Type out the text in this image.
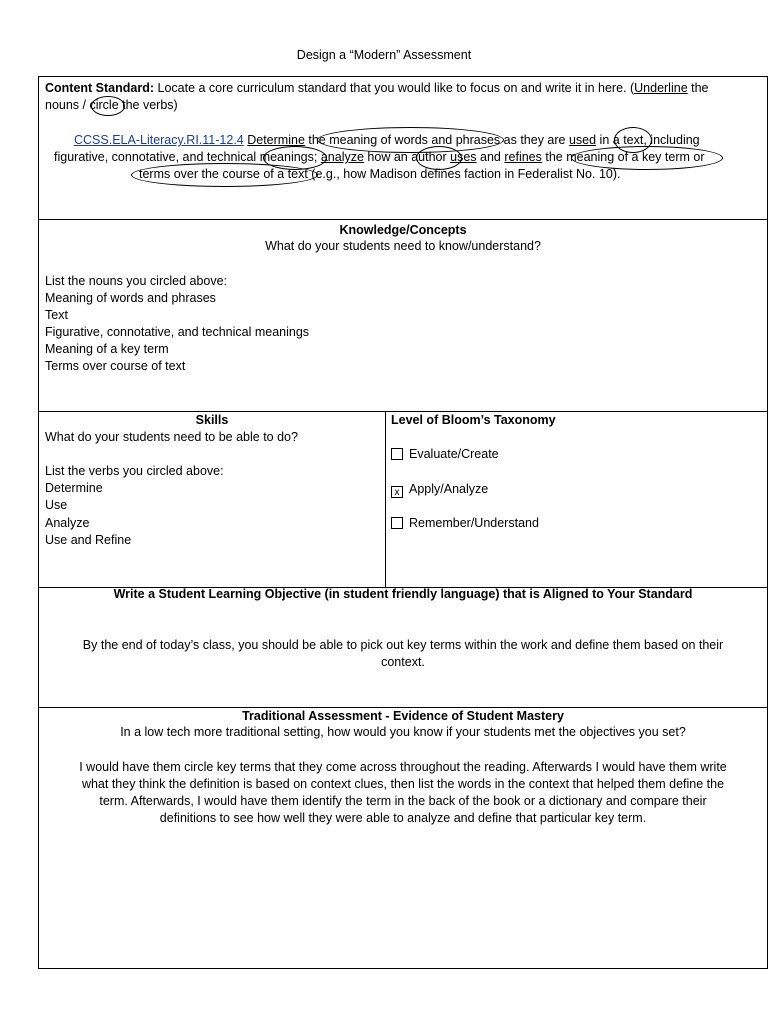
Design a “Modern” Assessment
Content Standard: Locate a core curriculum standard that you would like to focus on and write it in here. (Underline the
nouns / circle the verbs)
CCSS.ELA-Literacy.RI.11-12.4 Determine the meaning of words and phrases as they are used in a text, including
figurative, connotative, and technical meanings; analyze how an author uses and refines the meaning of a key term or
terms over the course of a text (e.g., how Madison defines faction in Federalist No. 10).
Knowledge/Concepts
What do your students need to know/understand?
List the nouns you circled above:
Meaning of words and phrases
Text
Figurative, connotative, and technical meanings
Meaning of a key term
Terms over course of text
Skills
What do your students need to be able to do?
List the verbs you circled above:
Determine
Use
Analyze
Use and Refine
Level of Bloom’s Taxonomy
Evaluate/Create
x Apply/Analyze
Remember/Understand
Write a Student Learning Objective (in student friendly language) that is Aligned to Your Standard
By the end of today’s class, you should be able to pick out key terms within the work and define them based on their
context.
Traditional Assessment - Evidence of Student Mastery
In a low tech more traditional setting, how would you know if your students met the objectives you set?
I would have them circle key terms that they come across throughout the reading. Afterwards I would have them write
what they think the definition is based on context clues, then list the words in the context that helped them define the
term. Afterwards, I would have them identify the term in the back of the book or a dictionary and compare their
definitions to see how well they were able to analyze and define that particular key term.
